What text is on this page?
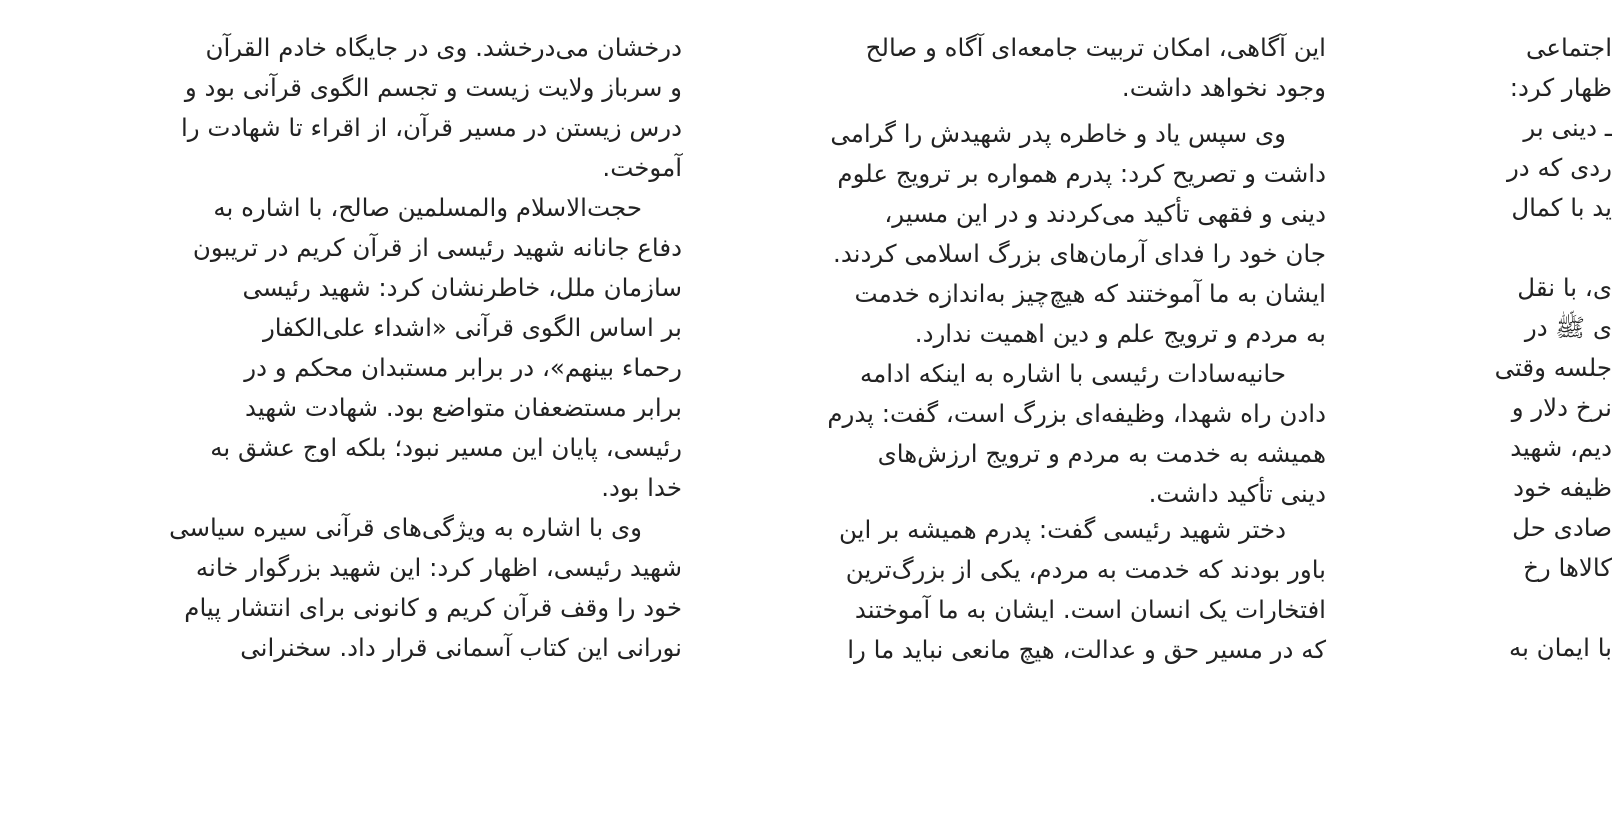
درخشان می‌درخشد. وی در جایگاه خادم القرآن
و سرباز ولایت زیست و تجسم الگوی قرآنی بود و
درس زیستن در مسیر قرآن، از اقراء تا شهادت را
آموخت.

حجت‌الاسلام والمسلمین صالح، با اشاره به
دفاع جانانه شهید رئیسی از قرآن کریم در تریبون
سازمان ملل، خاطرنشان کرد: شهید رئیسی
بر اساس الگوی قرآنی «اشداء علی‌الکفار
رحماء بینهم»، در برابر مستبدان محکم و در
برابر مستضعفان متواضع بود. شهادت شهید
رئیسی، پایان این مسیر نبود؛ بلکه اوج عشق به
خدا بود.

وی با اشاره به ویژگی‌های قرآنی سیره سیاسی
شهید رئیسی، اظهار کرد: این شهید بزرگوار خانه
خود را وقف قرآن کریم و کانونی برای انتشار پیام
نورانی این کتاب آسمانی قرار داد. سخنرانی

این آگاهی، امکان تربیت جامعه‌ای آگاه و صالح
وجود نخواهد داشت.

وی سپس یاد و خاطره پدر شهیدش را گرامی
داشت و تصریح کرد: پدرم همواره بر ترویج علوم
دینی و فقهی تأکید می‌کردند و در این مسیر،
جان خود را فدای آرمان‌های بزرگ اسلامی کردند.
ایشان به ما آموختند که هیچ‌چیز به‌اندازه خدمت
به مردم و ترویج علم و دین اهمیت ندارد.

حانیه‌سادات رئیسی با اشاره به اینکه ادامه
دادن راه شهدا، وظیفه‌ای بزرگ است، گفت: پدرم
همیشه به خدمت به مردم و ترویج ارزش‌های
دینی تأکید داشت.

دختر شهید رئیسی گفت: پدرم همیشه بر این
باور بودند که خدمت به مردم، یکی از بزرگ‌ترین
افتخارات یک انسان است. ایشان به ما آموختند
که در مسیر حق و عدالت، هیچ مانعی نباید ما را

اجتماعی
ظهار کرد:
ـ دینی بر
ردی که در
ید با کمال

ی، با نقل
ی ﷺ در
جلسه وقتی
نرخ دلار و
دیم، شهید
ظیفه خود
صادی حل
کالاها رخ

با ایمان به
